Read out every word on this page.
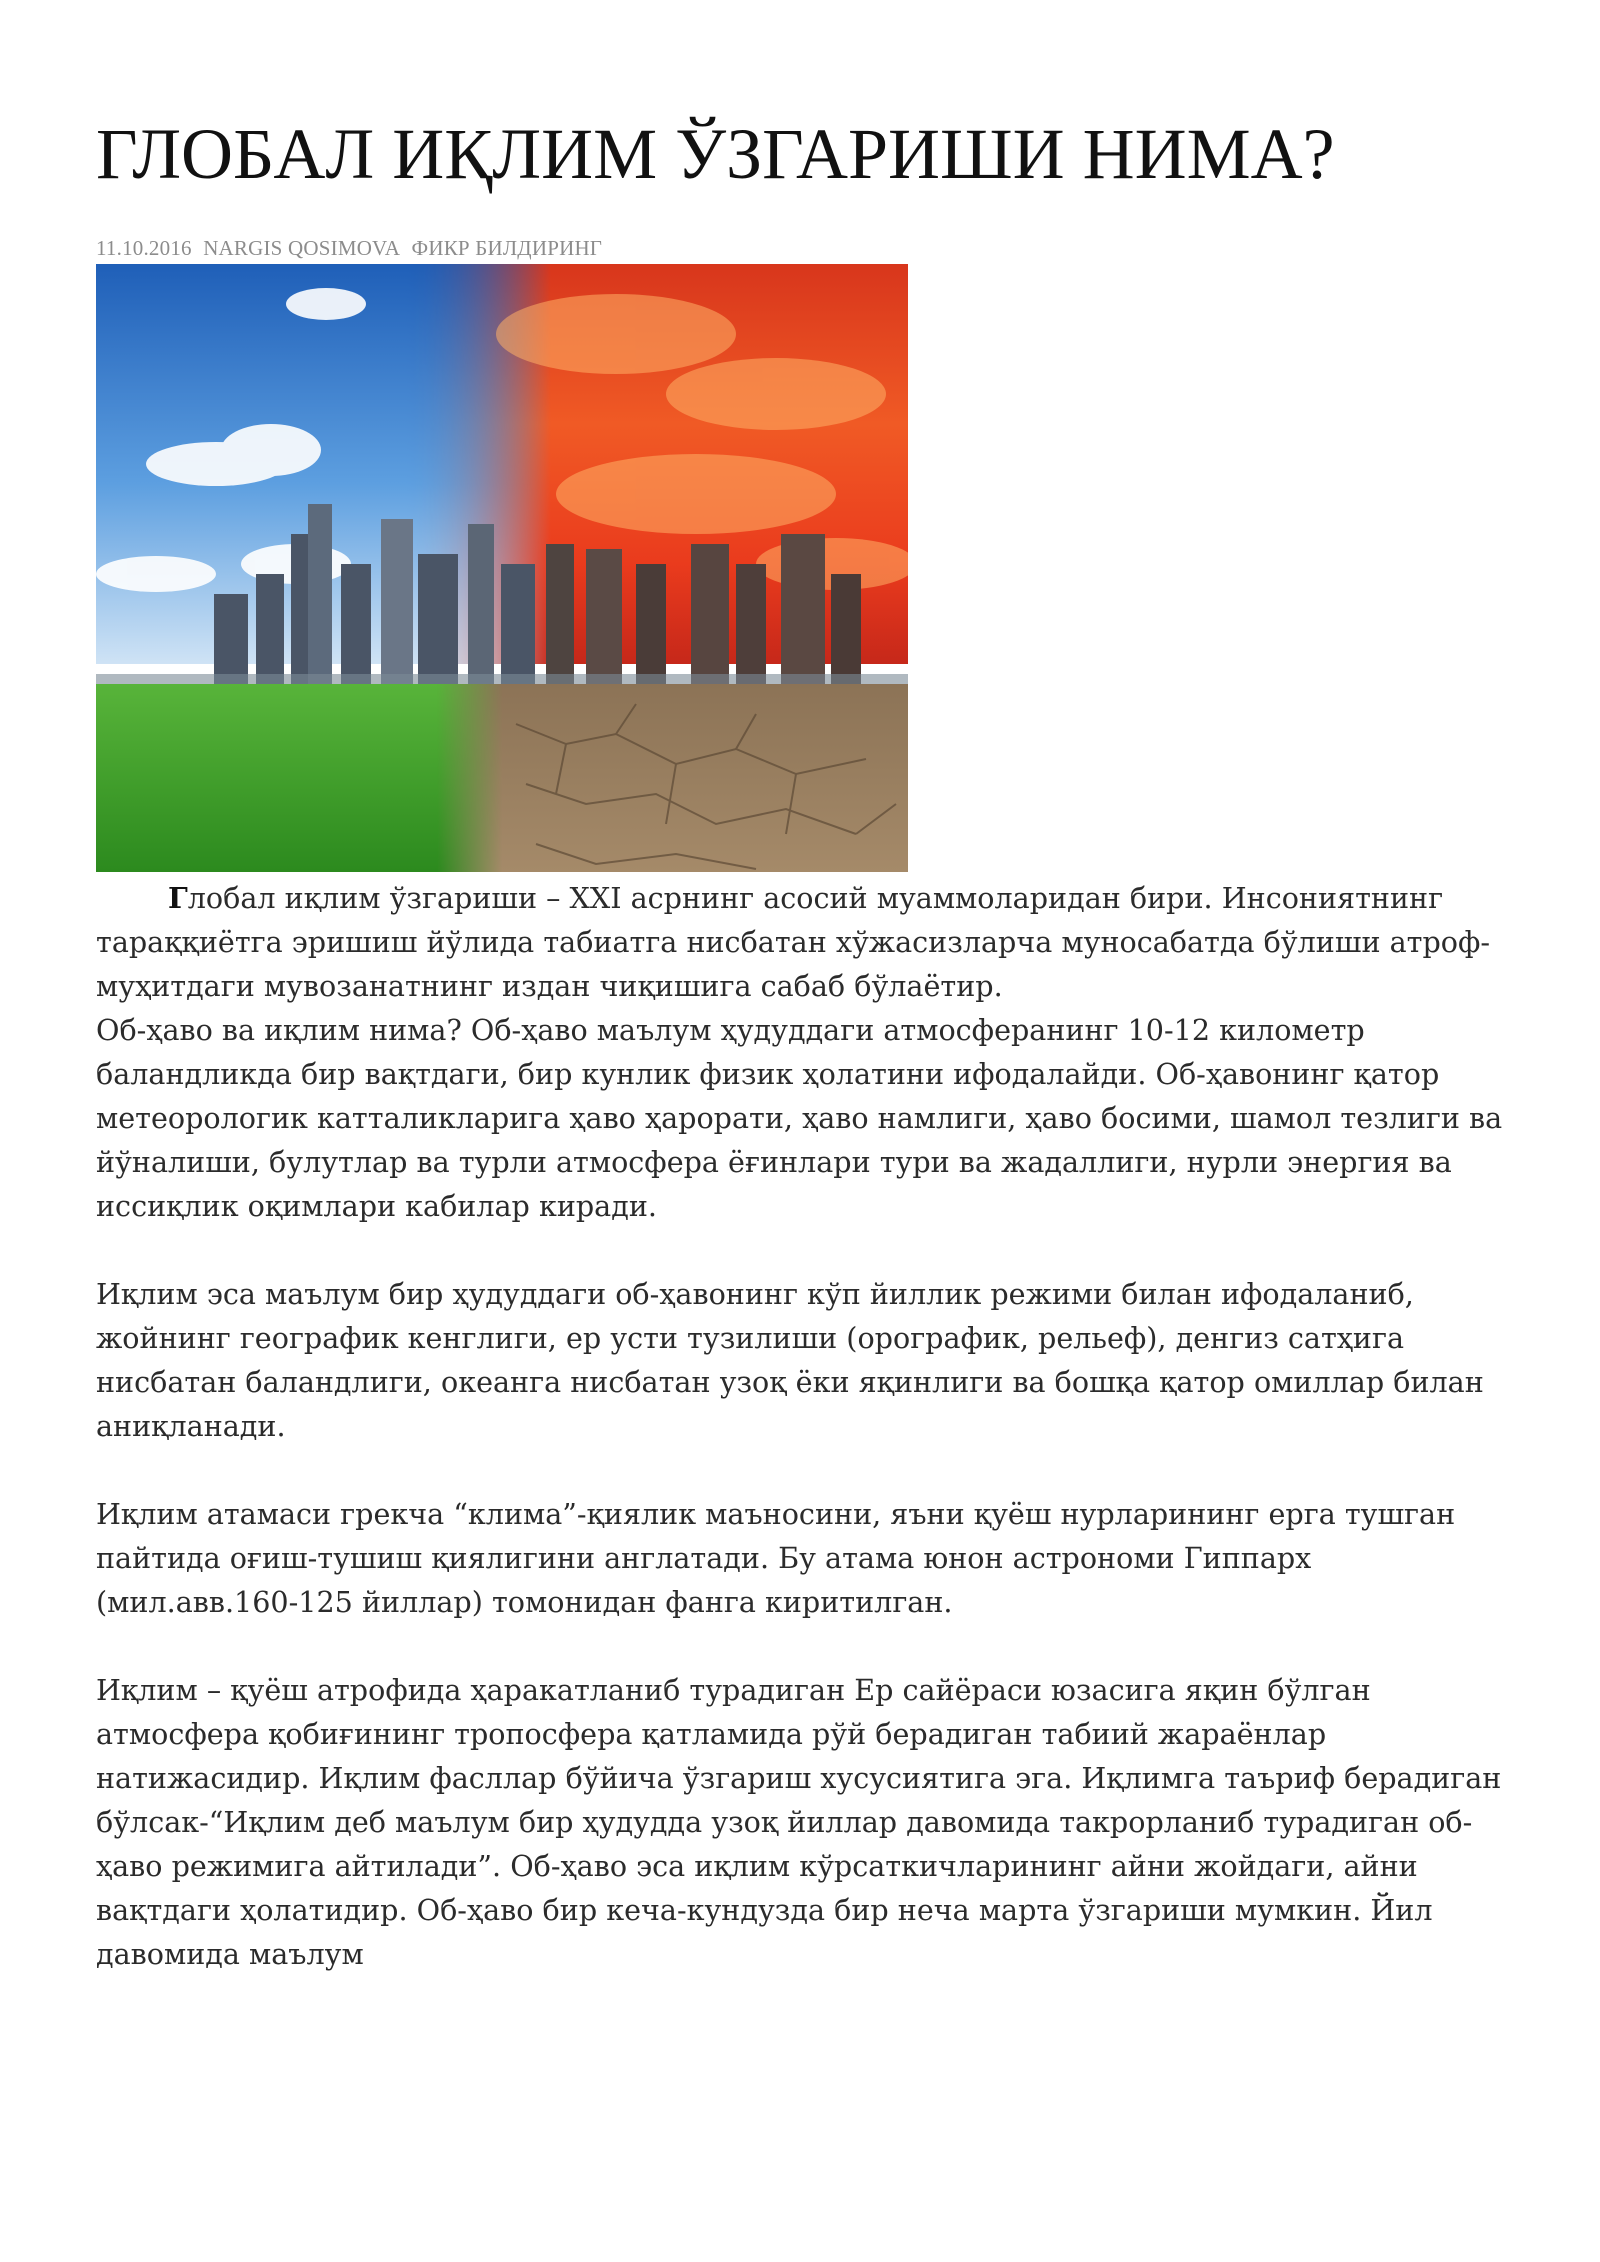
ГЛОБАЛ ИҚЛИМ ЎЗГАРИШИ НИМА?
11.10.2016 NARGIS QOSIMOVA ФИКР БИЛДИРИНГ

Глобал иқлим ўзгариши – XXI асрнинг асосий муаммоларидан бири. Инсониятнинг тараққиётга эришиш йўлида табиатга нисбатан хўжасизларча муносабатда бўлиши атроф-муҳитдаги мувозанатнинг издан чиқишига сабаб бўлаётир.

Об-ҳаво ва иқлим нима? Об-ҳаво маълум ҳудуддаги атмосферанинг 10-12 километр баландликда бир вақтдаги, бир кунлик физик ҳолатини ифодалайди. Об-ҳавонинг қатор метеорологик катталикларига ҳаво ҳарорати, ҳаво намлиги, ҳаво босими, шамол тезлиги ва йўналиши, булутлар ва турли атмосфера ёғинлари тури ва жадаллиги, нурли энергия ва иссиқлик оқимлари кабилар киради.

Иқлим эса маълум бир ҳудуддаги об-ҳавонинг кўп йиллик режими билан ифодаланиб, жойнинг географик кенглиги, ер усти тузилиши (орографик, рельеф), денгиз сатҳига нисбатан баландлиги, океанга нисбатан узоқ ёки яқинлиги ва бошқа қатор омиллар билан аниқланади.

Иқлим атамаси грекча “клима”-қиялик маъносини, яъни қуёш нурларининг ерга тушган пайтида оғиш-тушиш қиялигини англатади. Бу атама юнон астрономи Гиппарх (мил.авв.160-125 йиллар) томонидан фанга киритилган.

Иқлим – қуёш атрофида ҳаракатланиб турадиган Ер сайёраси юзасига яқин бўлган атмосфера қобиғининг тропосфера қатламида рўй берадиган табиий жараёнлар натижасидир. Иқлим фасллар бўйича ўзгариш хусусиятига эга. Иқлимга таъриф берадиган бўлсак-“Иқлим деб маълум бир ҳудудда узоқ йиллар давомида такрорланиб турадиган об-ҳаво режимига айтилади”. Об-ҳаво эса иқлим кўрсаткичларининг айни жойдаги, айни вақтдаги ҳолатидир. Об-ҳаво бир кеча-кундузда бир неча марта ўзгариши мумкин. Йил давомида маълум
